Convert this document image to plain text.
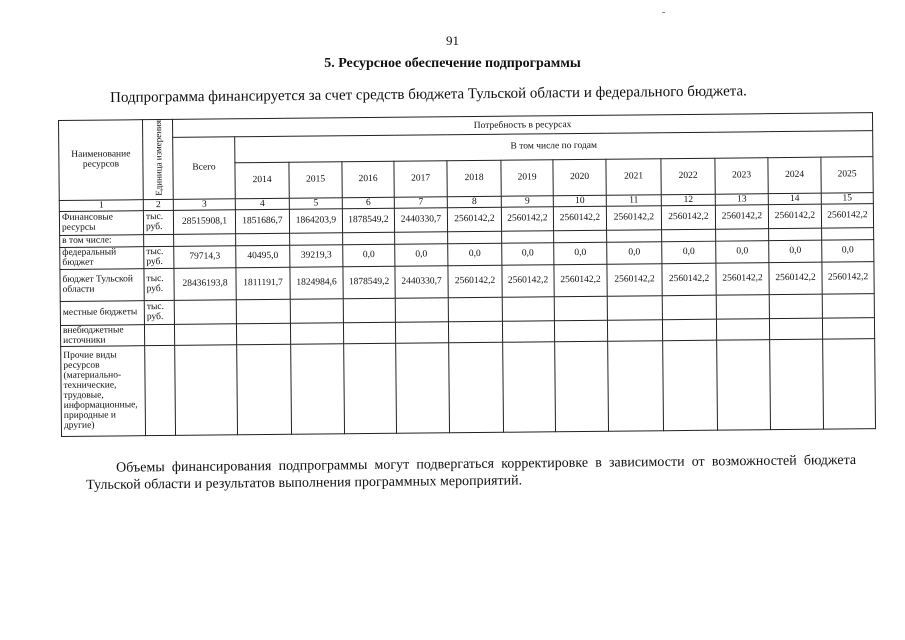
91
5. Ресурсное обеспечение подпрограммы
Подпрограмма финансируется за счет средств бюджета Тульской области и федерального бюджета.
Наименование ресурсов	Единица измерения	Потребность в ресурсах												
		Всего	В том числе по годам											
			2014	2015	2016	2017	2018	2019	2020	2021	2022	2023	2024	2025
1	2	3	4	5	6	7	8	9	10	11	12	13	14	15
Финансовые ресурсы	тыс. руб.	28515908,1	1851686,7	1864203,9	1878549,2	2440330,7	2560142,2	2560142,2	2560142,2	2560142,2	2560142,2	2560142,2	2560142,2	2560142,2
в том числе:														
федеральный бюджет	тыс. руб.	79714,3	40495,0	39219,3	0,0	0,0	0,0	0,0	0,0	0,0	0,0	0,0	0,0	0,0
бюджет Тульской области	тыс. руб.	28436193,8	1811191,7	1824984,6	1878549,2	2440330,7	2560142,2	2560142,2	2560142,2	2560142,2	2560142,2	2560142,2	2560142,2	2560142,2
местные бюджеты	тыс. руб.													
внебюджетные источники														
Прочие виды ресурсов (материально-технические, трудовые, информационные, природные и другие)														
Объемы финансирования подпрограммы могут подвергаться корректировке в зависимости от возможностей бюджета Тульской области и результатов выполнения программных мероприятий.
